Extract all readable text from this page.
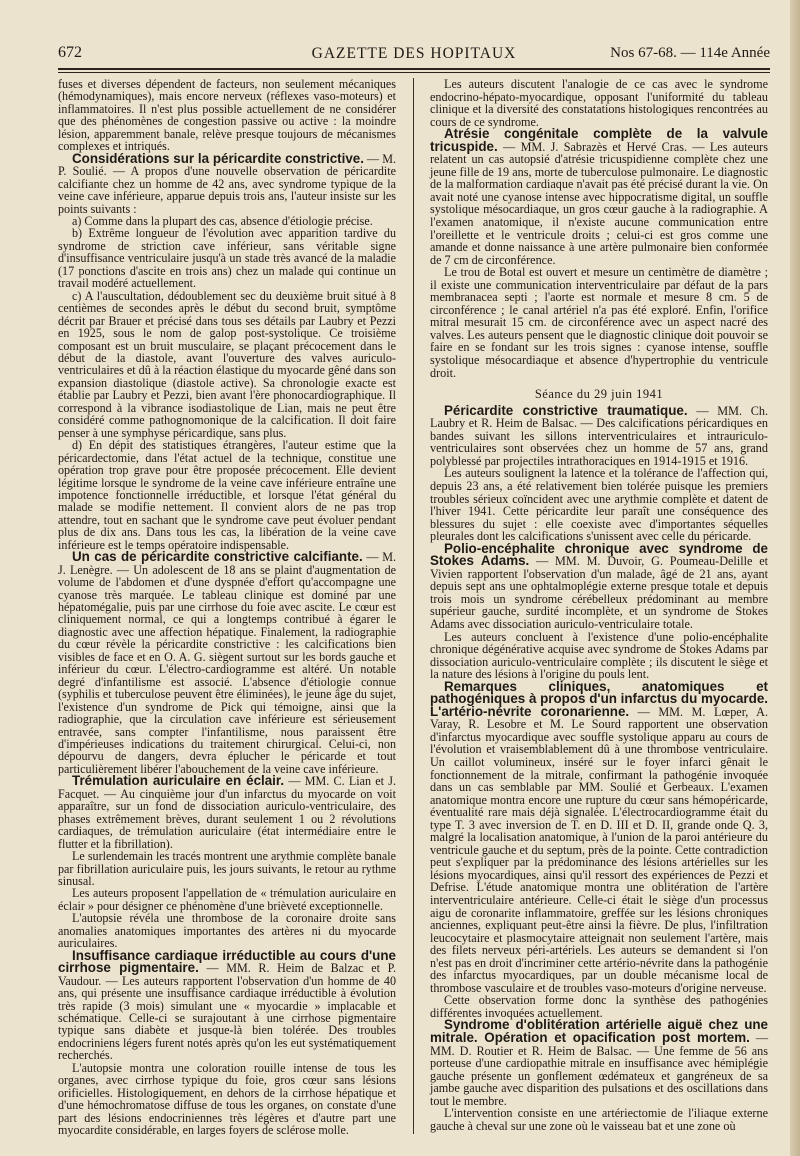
672	GAZETTE DES HOPITAUX	Nos 67-68. — 114e Année

fuses et diverses dépendent de facteurs, non seulement mécaniques (hémodynamiques), mais encore nerveux (réflexes vaso-moteurs) et inflammatoires. Il n'est plus possible actuellement de ne considérer que des phénomènes de congestion passive ou active : la moindre lésion, apparemment banale, relève presque toujours de mécanismes complexes et intriqués.

Considérations sur la péricardite constrictive. — M. P. Soulié. — A propos d'une nouvelle observation de péricardite calcifiante chez un homme de 42 ans, avec syndrome typique de la veine cave inférieure, apparue depuis trois ans, l'auteur insiste sur les points suivants :

a) Comme dans la plupart des cas, absence d'étiologie précise.

b) Extrême longueur de l'évolution avec apparition tardive du syndrome de striction cave inférieur, sans véritable signe d'insuffisance ventriculaire jusqu'à un stade très avancé de la maladie (17 ponctions d'ascite en trois ans) chez un malade qui continue un travail modéré actuellement.

c) A l'auscultation, dédoublement sec du deuxième bruit situé à 8 centièmes de secondes après le début du second bruit, symptôme décrit par Brauer et précisé dans tous ses détails par Laubry et Pezzi en 1925, sous le nom de galop post-systolique. Ce troisième composant est un bruit musculaire, se plaçant précocement dans le début de la diastole, avant l'ouverture des valves auriculo-ventriculaires et dû à la réaction élastique du myocarde gêné dans son expansion diastolique (diastole active). Sa chronologie exacte est établie par Laubry et Pezzi, bien avant l'ère phonocardiographique. Il correspond à la vibrance isodiastolique de Lian, mais ne peut être considéré comme pathognomonique de la calcification. Il doit faire penser à une symphyse péricardique, sans plus.

d) En dépit des statistiques étrangères, l'auteur estime que la péricardectomie, dans l'état actuel de la technique, constitue une opération trop grave pour être proposée précocement. Elle devient légitime lorsque le syndrome de la veine cave inférieure entraîne une impotence fonctionnelle irréductible, et lorsque l'état général du malade se modifie nettement. Il convient alors de ne pas trop attendre, tout en sachant que le syndrome cave peut évoluer pendant plus de dix ans. Dans tous les cas, la libération de la veine cave inférieure est le temps opératoire indispensable.

Un cas de péricardite constrictive calcifiante. — M. J. Lenègre. — Un adolescent de 18 ans se plaint d'augmentation de volume de l'abdomen et d'une dyspnée d'effort qu'accompagne une cyanose très marquée. Le tableau clinique est dominé par une hépatomégalie, puis par une cirrhose du foie avec ascite. Le cœur est cliniquement normal, ce qui a longtemps contribué à égarer le diagnostic avec une affection hépatique. Finalement, la radiographie du cœur révèle la péricardite constrictive : les calcifications bien visibles de face et en O. A. G. siègent surtout sur les bords gauche et inférieur du cœur. L'électro-cardiogramme est altéré. Un notable degré d'infantilisme est associé. L'absence d'étiologie connue (syphilis et tuberculose peuvent être éliminées), le jeune âge du sujet, l'existence d'un syndrome de Pick qui témoigne, ainsi que la radiographie, que la circulation cave inférieure est sérieusement entravée, sans compter l'infantilisme, nous paraissent être d'impérieuses indications du traitement chirurgical. Celui-ci, non dépourvu de dangers, devra éplucher le péricarde et tout particulièrement libérer l'abouchement de la veine cave inférieure.

Trémulation auriculaire en éclair. — MM. C. Lian et J. Facquet. — Au cinquième jour d'un infarctus du myocarde on voit apparaître, sur un fond de dissociation auriculo-ventriculaire, des phases extrêmement brèves, durant seulement 1 ou 2 révolutions cardiaques, de trémulation auriculaire (état intermédiaire entre le flutter et la fibrillation).

Le surlendemain les tracés montrent une arythmie complète banale par fibrillation auriculaire puis, les jours suivants, le retour au rythme sinusal.

Les auteurs proposent l'appellation de « trémulation auriculaire en éclair » pour désigner ce phénomène d'une brièveté exceptionnelle.

L'autopsie révéla une thrombose de la coronaire droite sans anomalies anatomiques importantes des artères ni du myocarde auriculaires.

Insuffisance cardiaque irréductible au cours d'une cirrhose pigmentaire. — MM. R. Heim de Balzac et P. Vaudour. — Les auteurs rapportent l'observation d'un homme de 40 ans, qui présente une insuffisance cardiaque irréductible à évolution très rapide (3 mois) simulant une « myocardie » implacable et schématique. Celle-ci se surajoutant à une cirrhose pigmentaire typique sans diabète et jusque-là bien tolérée. Des troubles endocriniens légers furent notés après qu'on les eut systématiquement recherchés.

L'autopsie montra une coloration rouille intense de tous les organes, avec cirrhose typique du foie, gros cœur sans lésions orificielles. Histologiquement, en dehors de la cirrhose hépatique et d'une hémochromatose diffuse de tous les organes, on constate d'une part des lésions endocriniennes très légères et d'autre part une myocardite considérable, en larges foyers de sclérose molle.

Les auteurs discutent l'analogie de ce cas avec le syndrome endocrino-hépato-myocardique, opposant l'uniformité du tableau clinique et la diversité des constatations histologiques rencontrées au cours de ce syndrome.

Atrésie congénitale complète de la valvule tricuspide. — MM. J. Sabrazès et Hervé Cras. — Les auteurs relatent un cas autopsié d'atrésie tricuspidienne complète chez une jeune fille de 19 ans, morte de tuberculose pulmonaire. Le diagnostic de la malformation cardiaque n'avait pas été précisé durant la vie. On avait noté une cyanose intense avec hippocratisme digital, un souffle systolique mésocardiaque, un gros cœur gauche à la radiographie. A l'examen anatomique, il n'existe aucune communication entre l'oreillette et le ventricule droits ; celui-ci est gros comme une amande et donne naissance à une artère pulmonaire bien conformée de 7 cm de circonférence.

Le trou de Botal est ouvert et mesure un centimètre de diamètre ; il existe une communication interventriculaire par défaut de la pars membranacea septi ; l'aorte est normale et mesure 8 cm. 5 de circonférence ; le canal artériel n'a pas été exploré. Enfin, l'orifice mitral mesurait 15 cm. de circonférence avec un aspect nacré des valves. Les auteurs pensent que le diagnostic clinique doit pouvoir se faire en se fondant sur les trois signes : cyanose intense, souffle systolique mésocardiaque et absence d'hypertrophie du ventricule droit.

Séance du 29 juin 1941

Péricardite constrictive traumatique. — MM. Ch. Laubry et R. Heim de Balsac. — Des calcifications péricardiques en bandes suivant les sillons interventriculaires et intrauriculo-ventriculaires sont observées chez un homme de 57 ans, grand polyblessé par projectiles intrathoraciques en 1914-1915 et 1916.

Les auteurs soulignent la latence et la tolérance de l'affection qui, depuis 23 ans, a été relativement bien tolérée puisque les premiers troubles sérieux coïncident avec une arythmie complète et datent de l'hiver 1941. Cette péricardite leur paraît une conséquence des blessures du sujet : elle coexiste avec d'importantes séquelles pleurales dont les calcifications s'unissent avec celle du péricarde.

Polio-encéphalite chronique avec syndrome de Stokes Adams. — MM. M. Duvoir, G. Poumeau-Delille et Vivien rapportent l'observation d'un malade, âgé de 21 ans, ayant depuis sept ans une ophtalmoplégie externe presque totale et depuis trois mois un syndrome cérébelleux prédominant au membre supérieur gauche, surdité incomplète, et un syndrome de Stokes Adams avec dissociation auriculo-ventriculaire totale.

Les auteurs concluent à l'existence d'une polio-encéphalite chronique dégénérative acquise avec syndrome de Stokes Adams par dissociation auriculo-ventriculaire complète ; ils discutent le siège et la nature des lésions à l'origine du pouls lent.

Remarques cliniques, anatomiques et pathogéniques à propos d'un infarctus du myocarde. L'artério-névrite coronarienne. — MM. M. Lœper, A. Varay, R. Lesobre et M. Le Sourd rapportent une observation d'infarctus myocardique avec souffle systolique apparu au cours de l'évolution et vraisemblablement dû à une thrombose ventriculaire. Un caillot volumineux, inséré sur le foyer infarci gênait le fonctionnement de la mitrale, confirmant la pathogénie invoquée dans un cas semblable par MM. Soulié et Gerbeaux. L'examen anatomique montra encore une rupture du cœur sans hémopéricarde, éventualité rare mais déjà signalée. L'électrocardiogramme était du type T. 3 avec inversion de T. en D. III et D. II, grande onde Q. 3, malgré la localisation anatomique, à l'union de la paroi antérieure du ventricule gauche et du septum, près de la pointe. Cette contradiction peut s'expliquer par la prédominance des lésions artérielles sur les lésions myocardiques, ainsi qu'il ressort des expériences de Pezzi et Defrise. L'étude anatomique montra une oblitération de l'artère interventriculaire antérieure. Celle-ci était le siège d'un processus aigu de coronarite inflammatoire, greffée sur les lésions chroniques anciennes, expliquant peut-être ainsi la fièvre. De plus, l'infiltration leucocytaire et plasmocytaire atteignait non seulement l'artère, mais des filets nerveux péri-artériels. Les auteurs se demandent si l'on n'est pas en droit d'incriminer cette artério-névrite dans la pathogénie des infarctus myocardiques, par un double mécanisme local de thrombose vasculaire et de troubles vaso-moteurs d'origine nerveuse.

Cette observation forme donc la synthèse des pathogénies différentes invoquées actuellement.

Syndrome d'oblitération artérielle aiguë chez une mitrale. Opération et opacification post mortem. — MM. D. Routier et R. Heim de Balsac. — Une femme de 56 ans porteuse d'une cardiopathie mitrale en insuffisance avec hémiplégie gauche présente un gonflement œdémateux et gangréneux de sa jambe gauche avec disparition des pulsations et des oscillations dans tout le membre.

L'intervention consiste en une artériectomie de l'iliaque externe gauche à cheval sur une zone où le vaisseau bat et une zone où
